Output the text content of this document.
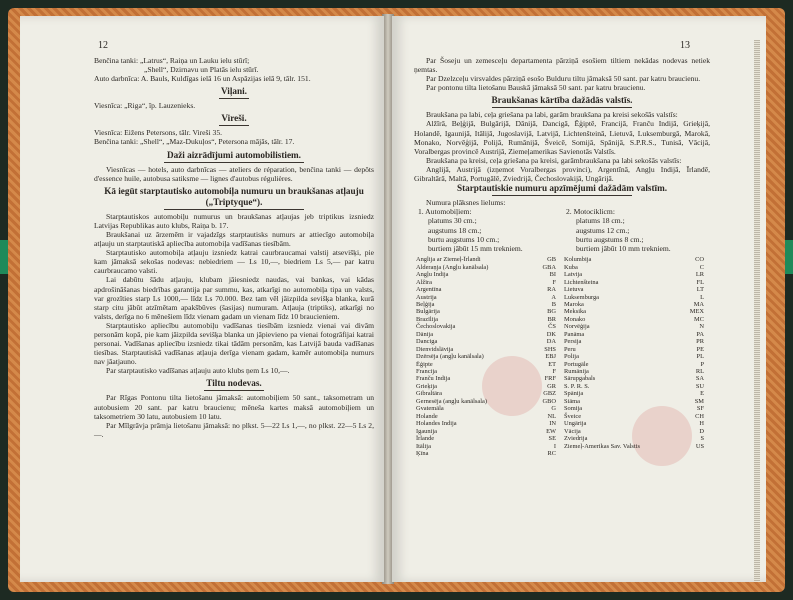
12

Benčina tanki: „Latrus“, Raiņa un Lauku ielu stūrī;

„Shell“, Dzirnavu un Platās ielu stūrī.

Auto darbnīca: A. Bauls, Kuldīgas ielā 16 un Aspāzijas ielā 9, tālr. 151.

Viļani.

Viesnīca: „Riga“, īp. Lauzenieks.

Vireši.

Viesnīca: Eižens Petersons, tālr. Vireši 35.

Benčina tanki: „Shell“, „Maz-Dukuļos“, Petersona mājās, tālr. 17.

Daži aizrādījumi automobilistiem.

Viesnīcas — hotels, auto darbnīcas — ateliers de réparation, benčina tanki — depôts d'essence huile, autobusa satiksme — lignes d'autobus régulières.

Kā iegūt starptautisko automobiļa numuru un braukšanas atļauju („Triptyque“).

Starptautiskos automobiļu numurus un braukšanas atļaujas jeb triptikus izsniedz Latvijas Republikas auto klubs, Raiņa b. 17.

Braukšanai uz ārzemēm ir vajadzīgs starptautisks numurs ar attiecīgo automobiļa atļauju un starptautiskā apliecība automobiļa vadīšanas tiesībām.

Starptautisko automobiļa atļauju izsniedz katrai caurbraucamai valstij atsevišķi, pie kam jāmaksā sekošas nodevas: nebiedriem — Ls 10,—, biedriem Ls 5,— par katru caurbraucamo valsti.

Lai dabūtu šādu atļauju, klubam jāiesniedz naudas, vai bankas, vai kādas apdrošināšanas biedrības garantija par summu, kas, atkarīgi no automobiļa tipa un valsts, var grozīties starp Ls 1000,— līdz Ls 70.000. Bez tam vēl jāizpilda sevišķa blanka, kurā starp citu jābūt atzīmētam apakšbūves (šasijas) numuram. Atļauja (triptiks), atkarīgi no valsts, derīga no 6 mēnešiem līdz vienam gadam un vienam līdz 10 braucieniem.

Starptautisko apliecību automobiļu vadīšanas tiesībām izsniedz vienai vai divām personām kopā, pie kam jāizpilda sevišķa blanka un jāpievieno pa vienai fotogrāfijai katrai personai. Vadīšanas apliecību izsniedz tikai tādām personām, kas Latvijā bauda vadīšanas tiesības. Starptautiskā vadīšanas atļauja derīga vienam gadam, kamēr automobiļa numurs nav jāatjauno.

Par starptautisko vadīšanas atļauju auto klubs ņem Ls 10,—.

Tiltu nodevas.

Par Rīgas Pontonu tilta lietošanu jāmaksā: automobiļiem 50 sant., taksometram un autobusiem 20 sant. par katru braucienu; mēnešа kartes maksā automobiļiem un taksometriem 30 latu, autobusiem 10 latu.

Par Mīlgrāvja prāmja lietošanu jāmaksā: no plkst. 5—22 Ls 1,—, no plkst. 22—5 Ls 2,—.

13

Par Šoseju un zemesceļu departamenta pārziņā esošiem tiltiem nekādas nodevas netiek ņemtas.

Par Dzelzceļu virsvaldes pārziņā esošo Bulduru tiltu jāmaksā 50 sant. par katru braucienu.

Par pontonu tilta lietošanu Bauskā jāmaksā 50 sant. par katru braucienu.

Braukšanas kārtība dažādās valstīs.

Braukšana pa labi, ceļa griešana pa labi, garām braukšana pa kreisi sekošās valstīs:

Alžīrā, Beļģijā, Bulgārijā, Dānijā, Dancigā, Ēģiptē, Francijā, Franču Indijā, Grieķijā, Holandē, Igaunijā, Itālijā, Jugoslavijā, Latvijā, Lichtenšteinā, Lietuvā, Luksemburgā, Marokā, Monako, Norvēģijā, Polijā, Rumānijā, Šveicē, Somijā, Spānijā, S.P.R.S., Tunisā, Vācijā, Voralbergas provincē Austrijā, Ziemeļamerikas Savienotās Valstīs.

Braukšana pa kreisi, ceļa griešana pa kreisi, garāmbraukšana pa labi sekošās valstīs:

Anglijā, Austrijā (izņemot Voralbergas provinci), Argentīnā, Angļu Indijā, Īrlandē, Gibraltārā, Maltā, Portugālē, Zviedrijā, Čechoslovakijā, Ungārijā.

Starptautiskie numuru apzīmējumi dažādām valstīm.

Numura plāksnes lielums:

1. Automobiļiem:
platums 30 cm.;
augstums 18 cm.;
burtu augstums 10 cm.;
burtiem jābūt 15 mm trekniem.
2. Motociklicm:
platums 18 cm.;
augstums 12 cm.;
burtu augstums 8 cm.;
burtiem jābūt 10 mm trekniem.
Anglija ar Ziemeļ-Īrlandi	GB
Alderaņja (Angļu kanālsala)	GBA
Angļu Indija	BI
Alžīra	F
Argentīna	RA
Austrija	A
Beļģija	B
Bulgārija	BG
Brazīlija	BR
Čechoslovakija	ČS
Dānija	DK
Danciga	DA
Dienvidslāvija	SHS
Dzērsēja (angļu kanālsala)	EBJ
Ēģipte	ET
Francija	F
Franču Indija	FRF
Grieķija	GR
Gibraltāra	GBZ
Gernesēja (angļu kanālsala)	GBO
Gvatemāla	G
Holande	NL
Holandes Indija	IN
Igaunija	EW
Īrlande	SE
Itālija	I
Ķīna	RC
Kolumbija	CO
Kuba	C
Latvija	LR
Lichtenšteina	FL
Lietuva	LT
Luksemburga	L
Maroka	MA
Meksika	MEX
Monako	MC
Norvēģija	N
Panāma	PA
Persija	PR
Peru	PE
Polija	PL
Portugāle	P
Rumānija	RL
Sārupgabals	SA
S. P. R. S.	SU
Spānija	E
Siāma	SM
Somija	SF
Šveice	CH
Ungārija	H
Vācija	D
Zviedrija	S
Ziemeļ-Amerikas Sav. Valstis	US
